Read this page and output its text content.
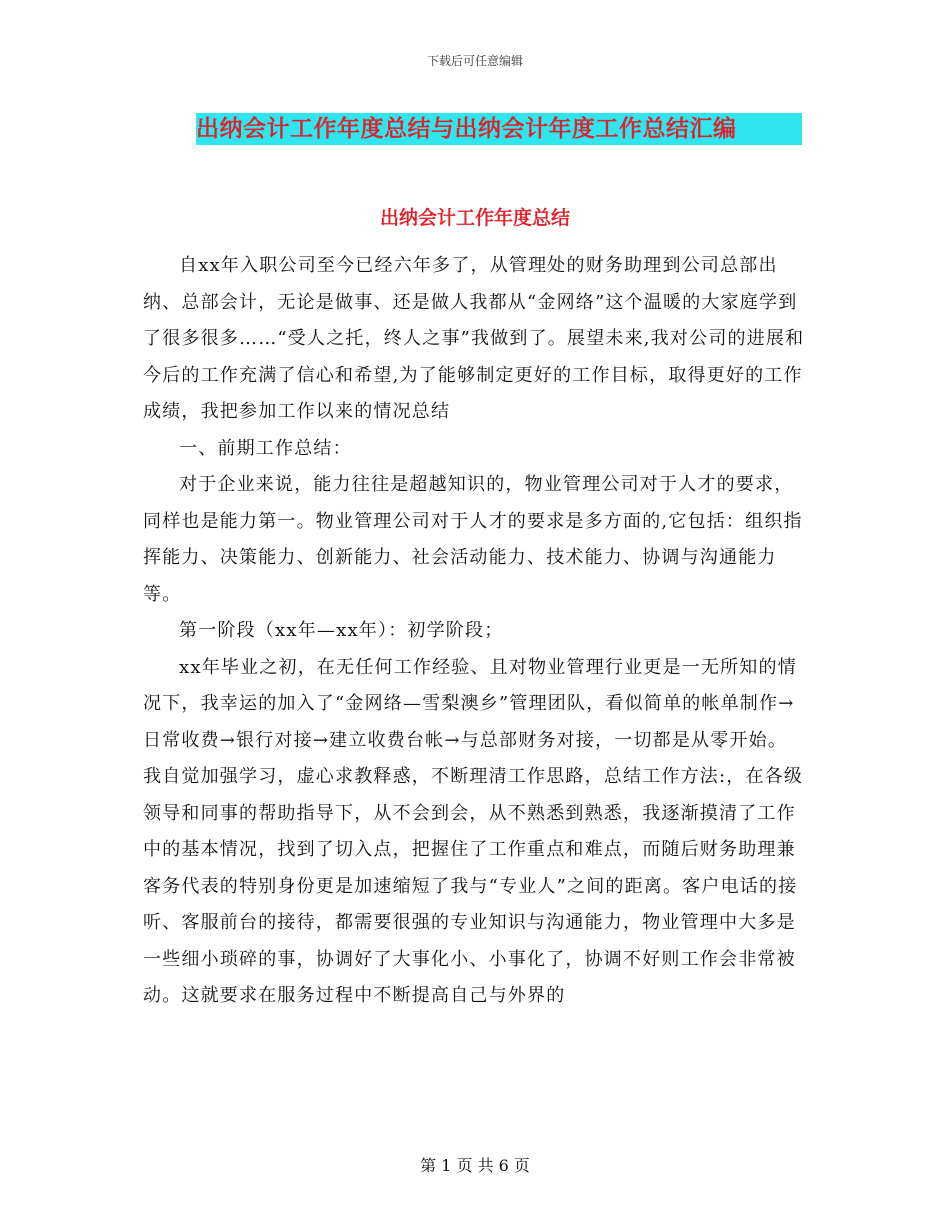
下载后可任意编辑
出纳会计工作年度总结与出纳会计年度工作总结汇编
出纳会计工作年度总结

自xx年入职公司至今已经六年多了，从管理处的财务助理到公司总部出纳、总部会计，无论是做事、还是做人我都从“金网络”这个温暖的大家庭学到了很多很多……“受人之托，终人之事”我做到了。展望未来,我对公司的进展和今后的工作充满了信心和希望,为了能够制定更好的工作目标，取得更好的工作成绩，我把参加工作以来的情况总结

一、前期工作总结：

对于企业来说，能力往往是超越知识的，物业管理公司对于人才的要求，同样也是能力第一。物业管理公司对于人才的要求是多方面的,它包括：组织指挥能力、决策能力、创新能力、社会活动能力、技术能力、协调与沟通能力等。

第一阶段（xx年—xx年）：初学阶段；

xx年毕业之初，在无任何工作经验、且对物业管理行业更是一无所知的情况下，我幸运的加入了“金网络—雪梨澳乡”管理团队，看似简单的帐单制作→日常收费→银行对接→建立收费台帐→与总部财务对接，一切都是从零开始。我自觉加强学习，虚心求教释惑，不断理清工作思路，总结工作方法:，在各级领导和同事的帮助指导下，从不会到会，从不熟悉到熟悉，我逐渐摸清了工作中的基本情况，找到了切入点，把握住了工作重点和难点，而随后财务助理兼客务代表的特别身份更是加速缩短了我与“专业人”之间的距离。客户电话的接听、客服前台的接待，都需要很强的专业知识与沟通能力，物业管理中大多是一些细小琐碎的事，协调好了大事化小、小事化了，协调不好则工作会非常被动。这就要求在服务过程中不断提高自己与外界的

第 1 页 共 6 页
